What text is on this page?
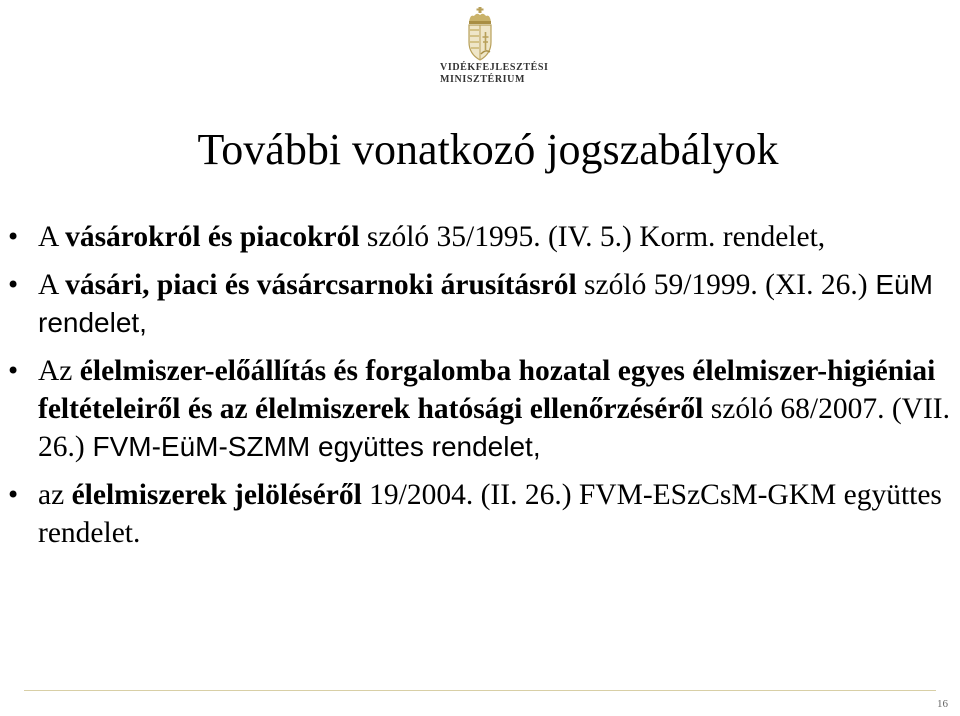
VIDÉKFEJLESZTÉSI
MINISZTÉRIUM
További vonatkozó jogszabályok
• A vásárokról és piacokról szóló 35/1995. (IV. 5.) Korm. rendelet,
• A vásári, piaci és vásárcsarnoki árusításról szóló 59/1999. (XI. 26.) EüM rendelet,
• Az élelmiszer-előállítás és forgalomba hozatal egyes élelmiszer-higiéniai feltételeiről és az élelmiszerek hatósági ellenőrzéséről szóló 68/2007. (VII. 26.) FVM-EüM-SZMM együttes rendelet,
• az élelmiszerek jelöléséről 19/2004. (II. 26.) FVM-ESzCsM-GKM együttes rendelet.
16
